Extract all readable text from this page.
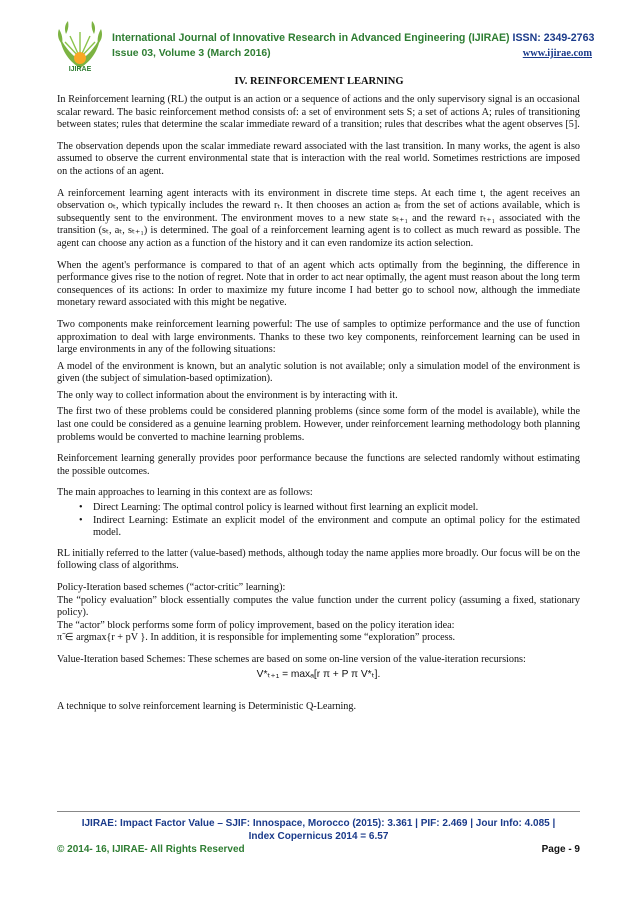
IJIRAE
International Journal of Innovative Research in Advanced Engineering (IJIRAE) ISSN: 2349-2763
Issue 03, Volume 3 (March 2016)	www.ijirae.com
IV. REINFORCEMENT LEARNING

In Reinforcement learning (RL) the output is an action or a sequence of actions and the only supervisory signal is an occasional scalar reward. The basic reinforcement method consists of: a set of environment sets S; a set of actions A; rules of transitioning between states; rules that determine the scalar immediate reward of a transition; rules that describes what the agent observes [5].

The observation depends upon the scalar immediate reward associated with the last transition. In many works, the agent is also assumed to observe the current environmental state that is interaction with the real world. Sometimes restrictions are imposed on the actions of an agent.

A reinforcement learning agent interacts with its environment in discrete time steps. At each time t, the agent receives an observation oₜ, which typically includes the reward rₜ. It then chooses an action aₜ from the set of actions available, which is subsequently sent to the environment. The environment moves to a new state sₜ₊₁ and the reward rₜ₊₁ associated with the transition (sₜ, aₜ, sₜ₊₁) is determined. The goal of a reinforcement learning agent is to collect as much reward as possible. The agent can choose any action as a function of the history and it can even randomize its action selection.

When the agent's performance is compared to that of an agent which acts optimally from the beginning, the difference in performance gives rise to the notion of regret. Note that in order to act near optimally, the agent must reason about the long term consequences of its actions: In order to maximize my future income I had better go to school now, although the immediate monetary reward associated with this might be negative.

Two components make reinforcement learning powerful: The use of samples to optimize performance and the use of function approximation to deal with large environments. Thanks to these two key components, reinforcement learning can be used in large environments in any of the following situations:

A model of the environment is known, but an analytic solution is not available; only a simulation model of the environment is given (the subject of simulation-based optimization).

The only way to collect information about the environment is by interacting with it.

The first two of these problems could be considered planning problems (since some form of the model is available), while the last one could be considered as a genuine learning problem. However, under reinforcement learning methodology both planning problems would be converted to machine learning problems.

Reinforcement learning generally provides poor performance because the functions are selected randomly without estimating the possible outcomes.

The main approaches to learning in this context are as follows:

• Direct Learning: The optimal control policy is learned without first learning an explicit model.
• Indirect Learning: Estimate an explicit model of the environment and compute an optimal policy for the estimated model.

RL initially referred to the latter (value-based) methods, although today the name applies more broadly. Our focus will be on the following class of algorithms.

Policy-Iteration based schemes (“actor-critic” learning):
The “policy evaluation” block essentially computes the value function under the current policy (assuming a fixed, stationary policy).
The “actor” block performs some form of policy improvement, based on the policy iteration idea:
π̃ ∈ argmax{r + pV }. In addition, it is responsible for implementing some “exploration” process.

Value-Iteration based Schemes: These schemes are based on some on-line version of the value-iteration recursions:

V*ₜ₊₁ = maxₐ[r π + P π V*ₜ].

A technique to solve reinforcement learning is Deterministic Q-Learning.

IJIRAE: Impact Factor Value – SJIF: Innospace, Morocco (2015): 3.361 | PIF: 2.469 | Jour Info: 4.085 |
Index Copernicus 2014 = 6.57
© 2014- 16, IJIRAE- All Rights Reserved	Page - 9
